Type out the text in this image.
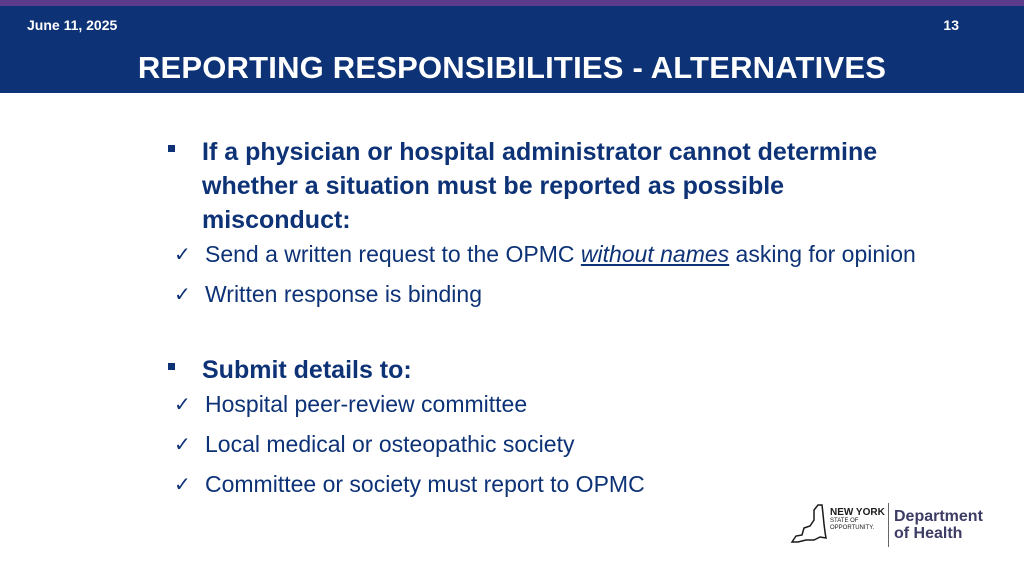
June 11, 2025	13
REPORTING RESPONSIBILITIES - ALTERNATIVES
If a physician or hospital administrator cannot determine whether a situation must be reported as possible misconduct:
✓ Send a written request to the OPMC without names asking for opinion
✓ Written response is binding
Submit details to:
✓ Hospital peer-review committee
✓ Local medical or osteopathic society
✓ Committee or society must report to OPMC
NEW YORK
STATE OF
OPPORTUNITY.
Department
of Health
